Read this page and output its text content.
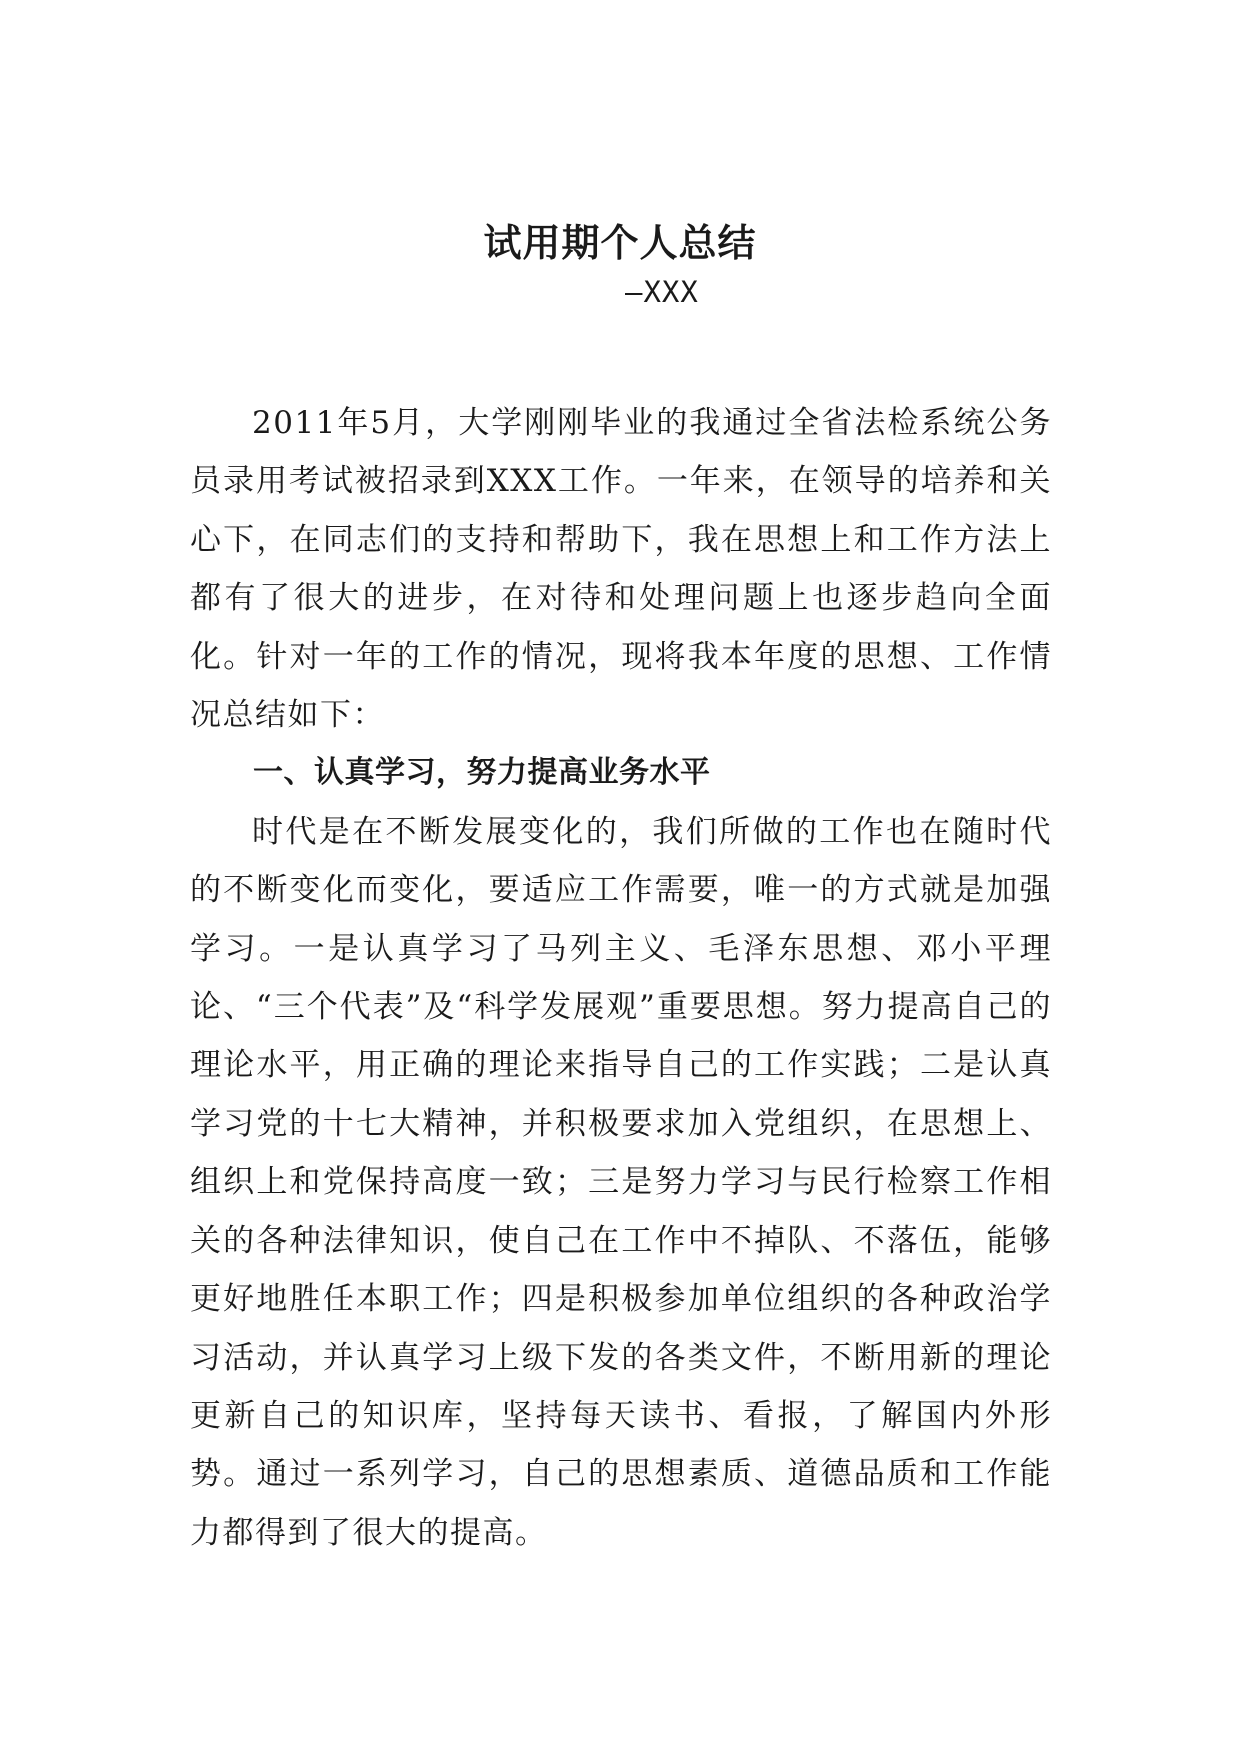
试用期个人总结
—XXX

2011年5月，大学刚刚毕业的我通过全省法检系统公务员录用考试被招录到XXX工作。一年来，在领导的培养和关心下，在同志们的支持和帮助下，我在思想上和工作方法上都有了很大的进步，在对待和处理问题上也逐步趋向全面化。针对一年的工作的情况，现将我本年度的思想、工作情况总结如下：

一、认真学习，努力提高业务水平

时代是在不断发展变化的，我们所做的工作也在随时代的不断变化而变化，要适应工作需要，唯一的方式就是加强学习。一是认真学习了马列主义、毛泽东思想、邓小平理论、“三个代表”及“科学发展观”重要思想。努力提高自己的理论水平，用正确的理论来指导自己的工作实践；二是认真学习党的十七大精神，并积极要求加入党组织，在思想上、组织上和党保持高度一致；三是努力学习与民行检察工作相关的各种法律知识，使自己在工作中不掉队、不落伍，能够更好地胜任本职工作；四是积极参加单位组织的各种政治学习活动，并认真学习上级下发的各类文件，不断用新的理论更新自己的知识库，坚持每天读书、看报，了解国内外形势。通过一系列学习，自己的思想素质、道德品质和工作能力都得到了很大的提高。
